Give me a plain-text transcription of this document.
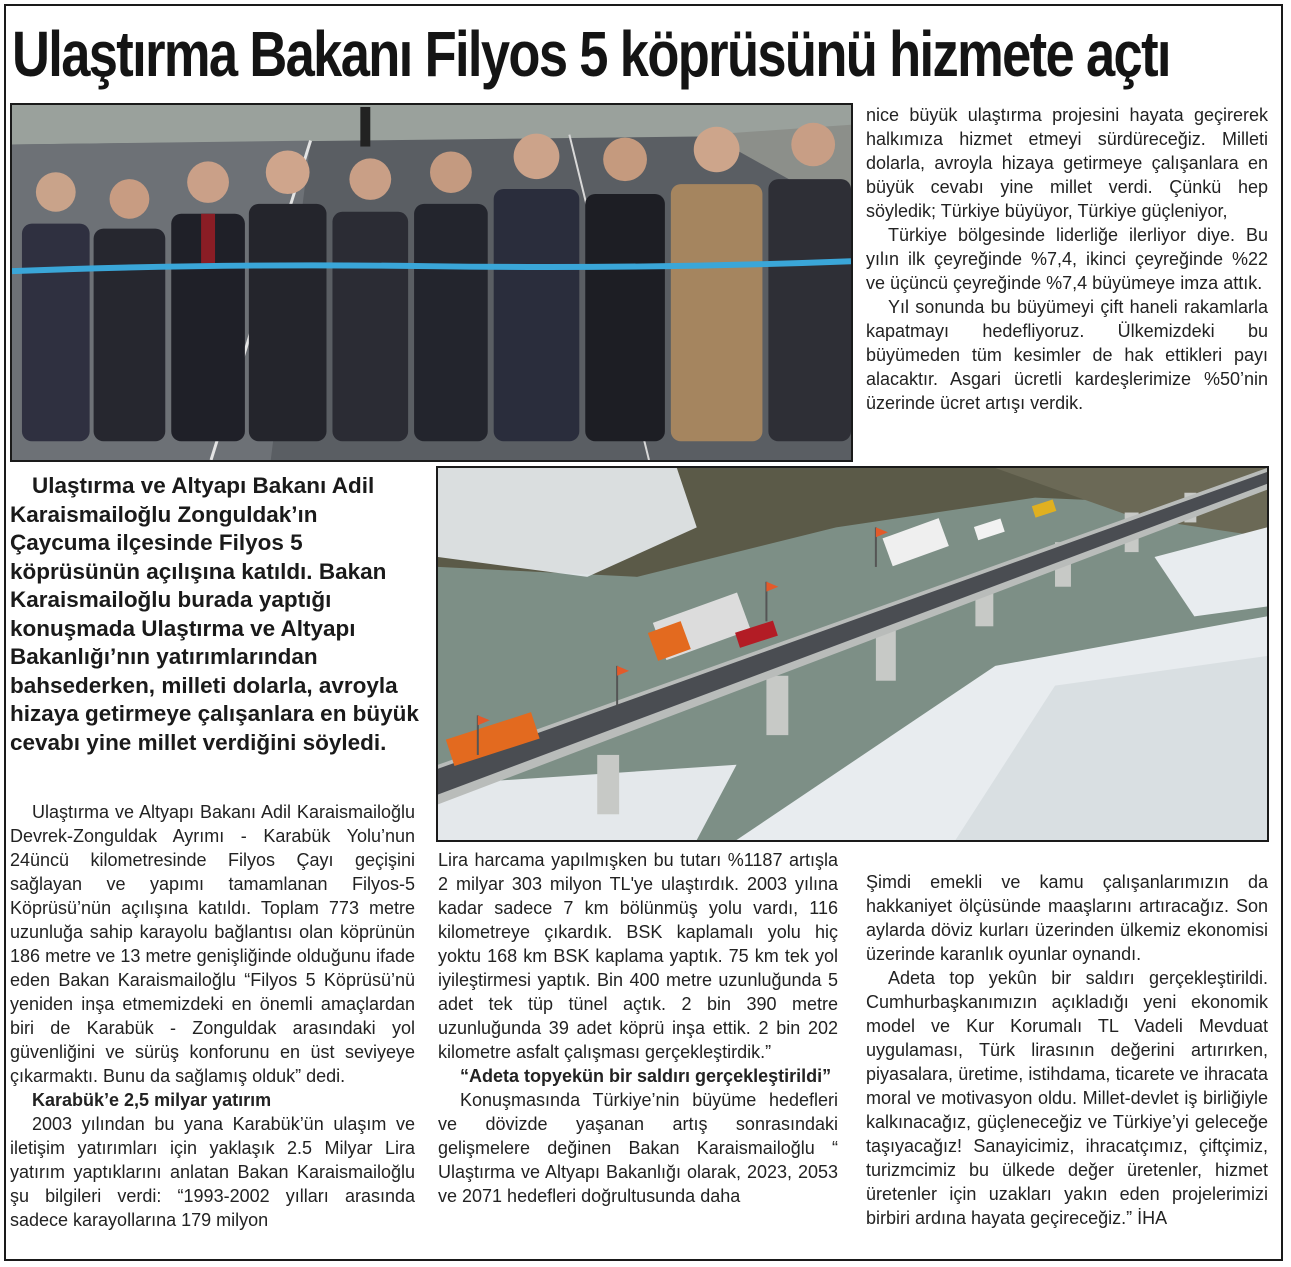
Ulaştırma Bakanı Filyos 5 köprüsünü hizmete açtı

nice büyük ulaştırma projesini hayata geçirerek halkımıza hizmet etmeyi sürdüreceğiz. Milleti dolarla, avroyla hizaya getirmeye çalışanlara en büyük cevabı yine millet verdi. Çünkü hep söyledik; Türkiye büyüyor, Türkiye güçleniyor,

Türkiye bölgesinde liderliğe ilerliyor diye. Bu yılın ilk çeyreğinde %7,4, ikinci çeyreğinde %22 ve üçüncü çeyreğinde %7,4 büyümeye imza attık.

Yıl sonunda bu büyümeyi çift haneli rakamlarla kapatmayı hedefliyoruz. Ülkemizdeki bu büyümeden tüm kesimler de hak ettikleri payı alacaktır. Asgari ücretli kardeşlerimize %50’nin üzerinde ücret artışı verdik.

Ulaştırma ve Altyapı Bakanı Adil Karaismailoğlu Zonguldak’ın Çaycuma ilçesinde Filyos 5 köprüsünün açılışına katıldı. Bakan Karaismailoğlu burada yaptığı konuşmada Ulaştırma ve Altyapı Bakanlığı’nın yatırımlarından bahsederken, milleti dolarla, avroyla hizaya getirmeye çalışanlara en büyük cevabı yine millet verdiğini söyledi.

Ulaştırma ve Altyapı Bakanı Adil Karaismailoğlu Devrek-Zonguldak Ayrımı - Karabük Yolu’nun 24üncü kilometresinde Filyos Çayı geçişini sağlayan ve yapımı tamamlanan Filyos-5 Köprüsü’nün açılışına katıldı. Toplam 773 metre uzunluğa sahip karayolu bağlantısı olan köprünün 186 metre ve 13 metre genişliğinde olduğunu ifade eden Bakan Karaismailoğlu “Filyos 5 Köprüsü’nü yeniden inşa etmemizdeki en önemli amaçlardan biri de Karabük - Zonguldak arasındaki yol güvenliğini ve sürüş konforunu en üst seviyeye çıkarmaktı. Bunu da sağlamış olduk” dedi.

Karabük’e 2,5 milyar yatırım

2003 yılından bu yana Karabük’ün ulaşım ve iletişim yatırımları için yaklaşık 2.5 Milyar Lira yatırım yaptıklarını anlatan Bakan Karaismailoğlu şu bilgileri verdi: “1993-2002 yılları arasında sadece karayollarına 179 milyon

Lira harcama yapılmışken bu tutarı %1187 artışla 2 milyar 303 milyon TL'ye ulaştırdık. 2003 yılına kadar sadece 7 km bölünmüş yolu vardı, 116 kilometreye çıkardık. BSK kaplamalı yolu hiç yoktu 168 km BSK kaplama yaptık. 75 km tek yol iyileştirmesi yaptık. Bin 400 metre uzunluğunda 5 adet tek tüp tünel açtık. 2 bin 390 metre uzunluğunda 39 adet köprü inşa ettik. 2 bin 202 kilometre asfalt çalışması gerçekleştirdik.”

“Adeta topyekün bir saldırı gerçekleştirildi”

Konuşmasında Türkiye’nin büyüme hedefleri ve dövizde yaşanan artış sonrasındaki gelişmelere değinen Bakan Karaismailoğlu “ Ulaştırma ve Altyapı Bakanlığı olarak, 2023, 2053 ve 2071 hedefleri doğrultusunda daha

Şimdi emekli ve kamu çalışanlarımızın da hakkaniyet ölçüsünde maaşlarını artıracağız. Son aylarda döviz kurları üzerinden ülkemiz ekonomisi üzerinde karanlık oyunlar oynandı.

Adeta top yekûn bir saldırı gerçekleştirildi. Cumhurbaşkanımızın açıkladığı yeni ekonomik model ve Kur Korumalı TL Vadeli Mevduat uygulaması, Türk lirasının değerini artırırken, piyasalara, üretime, istihdama, ticarete ve ihracata moral ve motivasyon oldu. Millet-devlet iş birliğiyle kalkınacağız, güçleneceğiz ve Türkiye’yi geleceğe taşıyacağız! Sanayicimiz, ihracatçımız, çiftçimiz, turizmcimiz bu ülkede değer üretenler, hizmet üretenler için uzakları yakın eden projelerimizi birbiri ardına hayata geçireceğiz.” İHA
